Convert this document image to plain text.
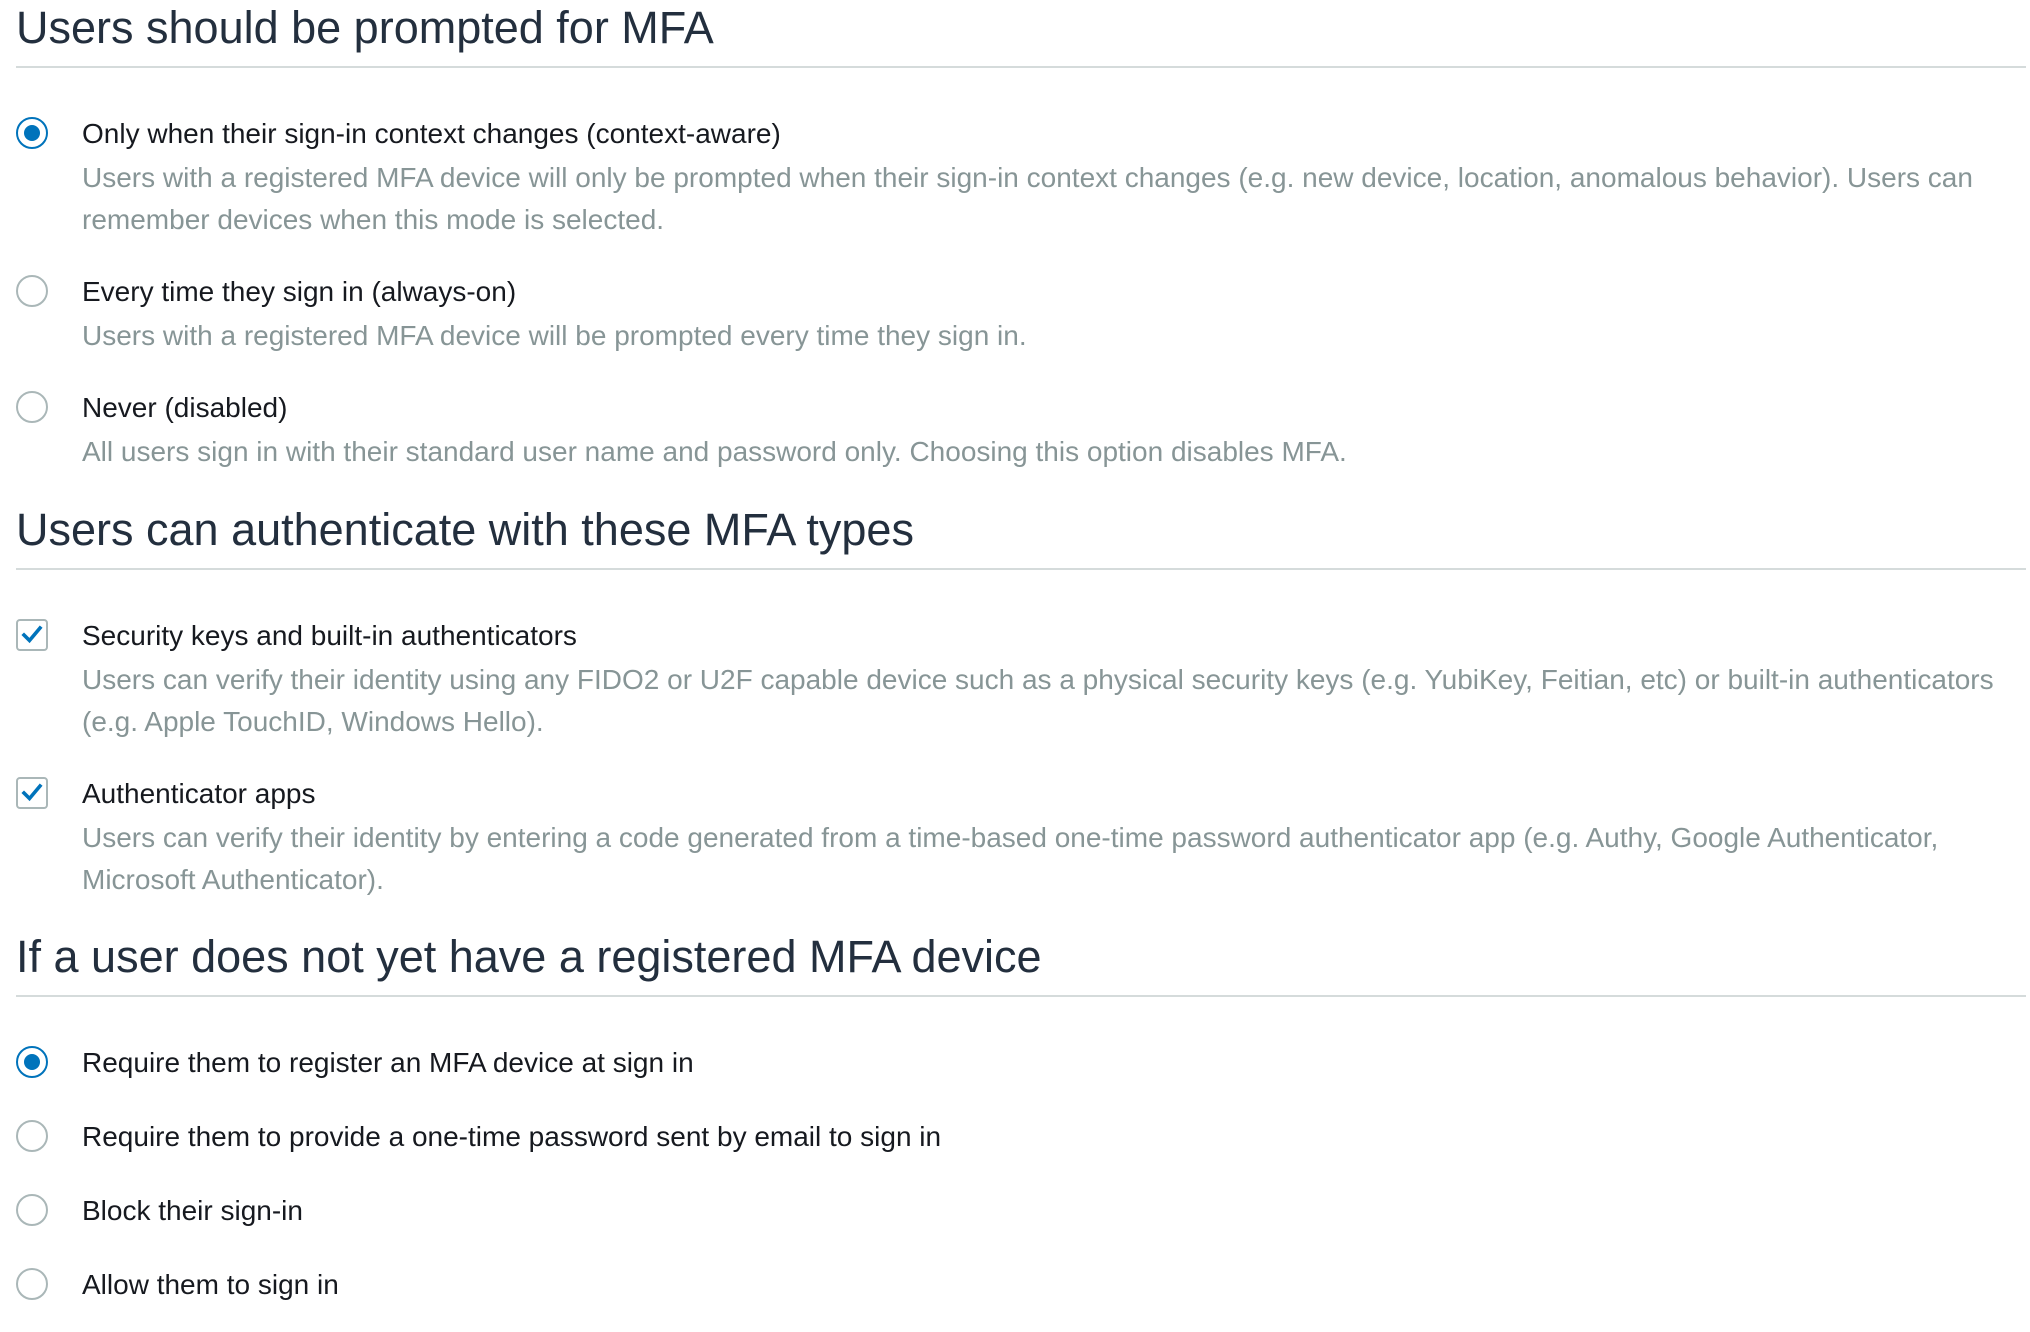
Users should be prompted for MFA
Only when their sign-in context changes (context-aware)
Users with a registered MFA device will only be prompted when their sign-in context changes (e.g. new device, location, anomalous behavior). Users can remember devices when this mode is selected.
Every time they sign in (always-on)
Users with a registered MFA device will be prompted every time they sign in.
Never (disabled)
All users sign in with their standard user name and password only. Choosing this option disables MFA.
Users can authenticate with these MFA types
Security keys and built-in authenticators
Users can verify their identity using any FIDO2 or U2F capable device such as a physical security keys (e.g. YubiKey, Feitian, etc) or built-in authenticators (e.g. Apple TouchID, Windows Hello).
Authenticator apps
Users can verify their identity by entering a code generated from a time-based one-time password authenticator app (e.g. Authy, Google Authenticator, Microsoft Authenticator).
If a user does not yet have a registered MFA device
Require them to register an MFA device at sign in
Require them to provide a one-time password sent by email to sign in
Block their sign-in
Allow them to sign in
